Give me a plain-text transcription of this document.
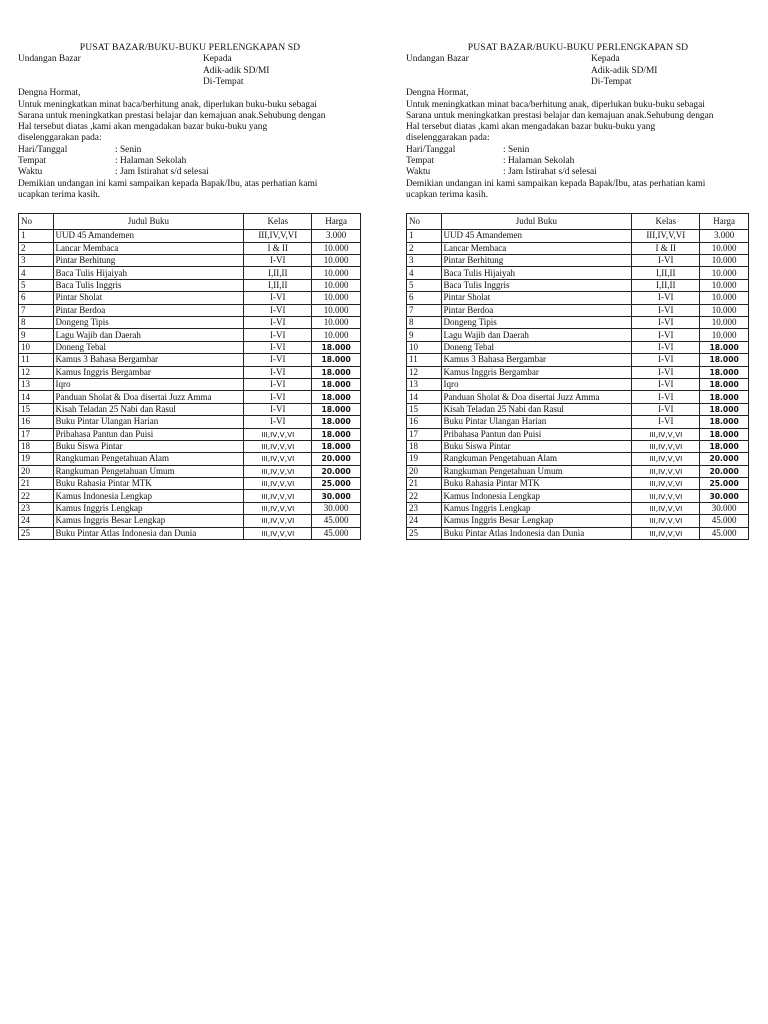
PUSAT BAZAR/BUKU-BUKU PERLENGKAPAN SD
Undangan Bazar	Kepada
Adik-adik SD/MI
Di-Tempat
Dengna Hormat,
Untuk meningkatkan minat baca/berhitung anak, diperlukan buku-buku sebagai
Sarana untuk meningkatkan prestasi belajar dan kemajuan anak.Sehubung dengan
Hal tersebut diatas ,kami akan mengadakan bazar buku-buku yang
diselenggarakan pada:
Hari/Tanggal	: Senin
Tempat	: Halaman Sekolah
Waktu	: Jam Istirahat s/d selesai
Demikian undangan ini kami sampaikan kepada Bapak/Ibu, atas perhatian kami
ucapkan terima kasih.
No	Judul Buku	Kelas	Harga
1	UUD 45 Amandemen	III,IV,V,VI	3.000
2	Lancar Membaca	I & II	10.000
3	Pintar Berhitung	I-VI	10.000
4	Baca Tulis Hijaiyah	I,II,II	10.000
5	Baca Tulis Inggris	I,II,II	10.000
6	Pintar Sholat	I-VI	10.000
7	Pintar Berdoa	I-VI	10.000
8	Dongeng Tipis	I-VI	10.000
9	Lagu Wajib dan Daerah	I-VI	10.000
10	Doneng Tebal	I-VI	18.000
11	Kamus 3 Bahasa Bergambar	I-VI	18.000
12	Kamus Inggris Bergambar	I-VI	18.000
13	Iqro	I-VI	18.000
14	Panduan Sholat & Doa disertai Juzz Amma	I-VI	18.000
15	Kisah Teladan 25 Nabi dan Rasul	I-VI	18.000
16	Buku Pintar Ulangan Harian	I-VI	18.000
17	Pribahasa Pantun dan Puisi	III,IV,V,VI	18.000
18	Buku Siswa Pintar	III,IV,V,VI	18.000
19	Rangkuman Pengetahuan Alam	III,IV,V,VI	20.000
20	Rangkuman Pengetahuan Umum	III,IV,V,VI	20.000
21	Buku Rahasia Pintar MTK	III,IV,V,VI	25.000
22	Kamus Indonesia Lengkap	III,IV,V,VI	30.000
23	Kamus Inggris Lengkap	III,IV,V,VI	30.000
24	Kamus Inggris Besar Lengkap	III,IV,V,VI	45.000
25	Buku Pintar Atlas Indonesia dan Dunia	III,IV,V,VI	45.000
PUSAT BAZAR/BUKU-BUKU PERLENGKAPAN SD
Undangan Bazar	Kepada
Adik-adik SD/MI
Di-Tempat
Dengna Hormat,
Untuk meningkatkan minat baca/berhitung anak, diperlukan buku-buku sebagai
Sarana untuk meningkatkan prestasi belajar dan kemajuan anak.Sehubung dengan
Hal tersebut diatas ,kami akan mengadakan bazar buku-buku yang
diselenggarakan pada:
Hari/Tanggal	: Senin
Tempat	: Halaman Sekolah
Waktu	: Jam Istirahat s/d selesai
Demikian undangan ini kami sampaikan kepada Bapak/Ibu, atas perhatian kami
ucapkan terima kasih.
No	Judul Buku	Kelas	Harga
1	UUD 45 Amandemen	III,IV,V,VI	3.000
2	Lancar Membaca	I & II	10.000
3	Pintar Berhitung	I-VI	10.000
4	Baca Tulis Hijaiyah	I,II,II	10.000
5	Baca Tulis Inggris	I,II,II	10.000
6	Pintar Sholat	I-VI	10.000
7	Pintar Berdoa	I-VI	10.000
8	Dongeng Tipis	I-VI	10.000
9	Lagu Wajib dan Daerah	I-VI	10.000
10	Doneng Tebal	I-VI	18.000
11	Kamus 3 Bahasa Bergambar	I-VI	18.000
12	Kamus Inggris Bergambar	I-VI	18.000
13	Iqro	I-VI	18.000
14	Panduan Sholat & Doa disertai Juzz Amma	I-VI	18.000
15	Kisah Teladan 25 Nabi dan Rasul	I-VI	18.000
16	Buku Pintar Ulangan Harian	I-VI	18.000
17	Pribahasa Pantun dan Puisi	III,IV,V,VI	18.000
18	Buku Siswa Pintar	III,IV,V,VI	18.000
19	Rangkuman Pengetahuan Alam	III,IV,V,VI	20.000
20	Rangkuman Pengetahuan Umum	III,IV,V,VI	20.000
21	Buku Rahasia Pintar MTK	III,IV,V,VI	25.000
22	Kamus Indonesia Lengkap	III,IV,V,VI	30.000
23	Kamus Inggris Lengkap	III,IV,V,VI	30.000
24	Kamus Inggris Besar Lengkap	III,IV,V,VI	45.000
25	Buku Pintar Atlas Indonesia dan Dunia	III,IV,V,VI	45.000
